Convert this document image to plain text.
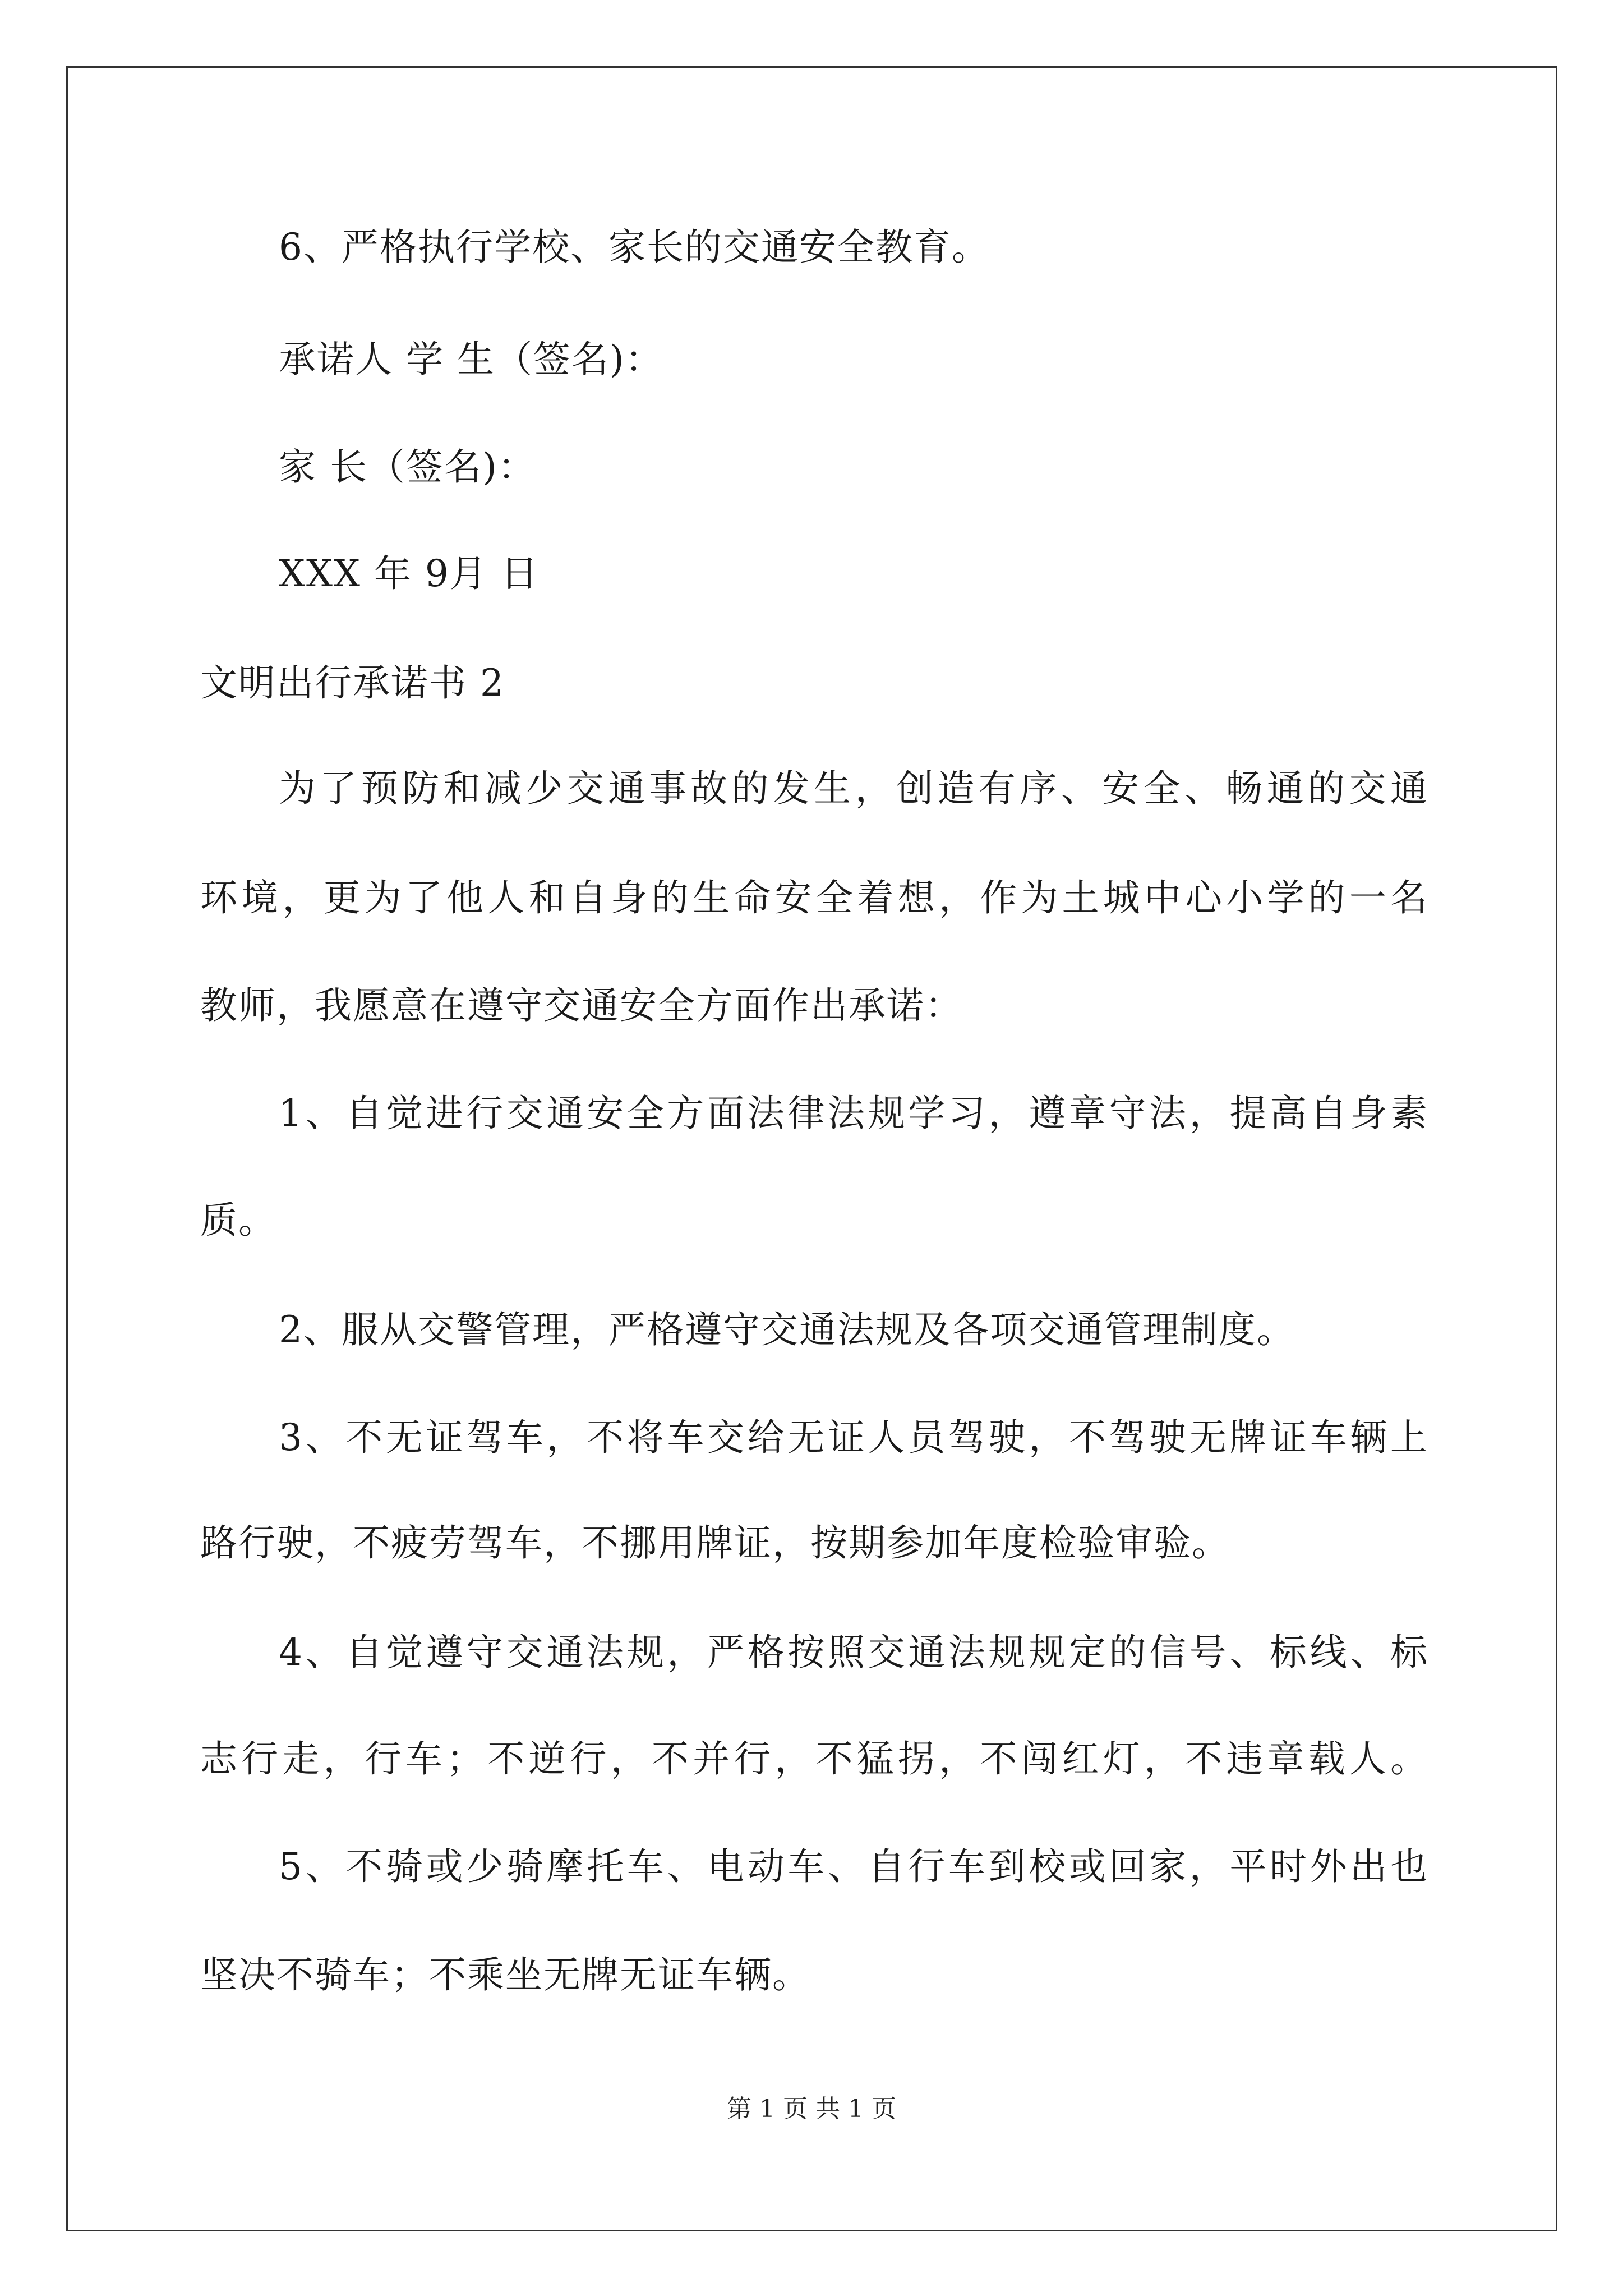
6、严格执行学校、家长的交通安全教育。
承诺人 学 生（签名)：
家 长（签名)：
XXX 年 9月 日
文明出行承诺书 2
为了预防和减少交通事故的发生，创造有序、安全、畅通的交通
环境，更为了他人和自身的生命安全着想，作为土城中心小学的一名
教师，我愿意在遵守交通安全方面作出承诺：
1、自觉进行交通安全方面法律法规学习，遵章守法，提高自身素
质。
2、服从交警管理，严格遵守交通法规及各项交通管理制度。
3、不无证驾车，不将车交给无证人员驾驶，不驾驶无牌证车辆上
路行驶，不疲劳驾车，不挪用牌证，按期参加年度检验审验。
4、自觉遵守交通法规，严格按照交通法规规定的信号、标线、标
志行走，行车；不逆行，不并行，不猛拐，不闯红灯，不违章载人。
5、不骑或少骑摩托车、电动车、自行车到校或回家，平时外出也
坚决不骑车；不乘坐无牌无证车辆。
第 1 页 共 1 页
